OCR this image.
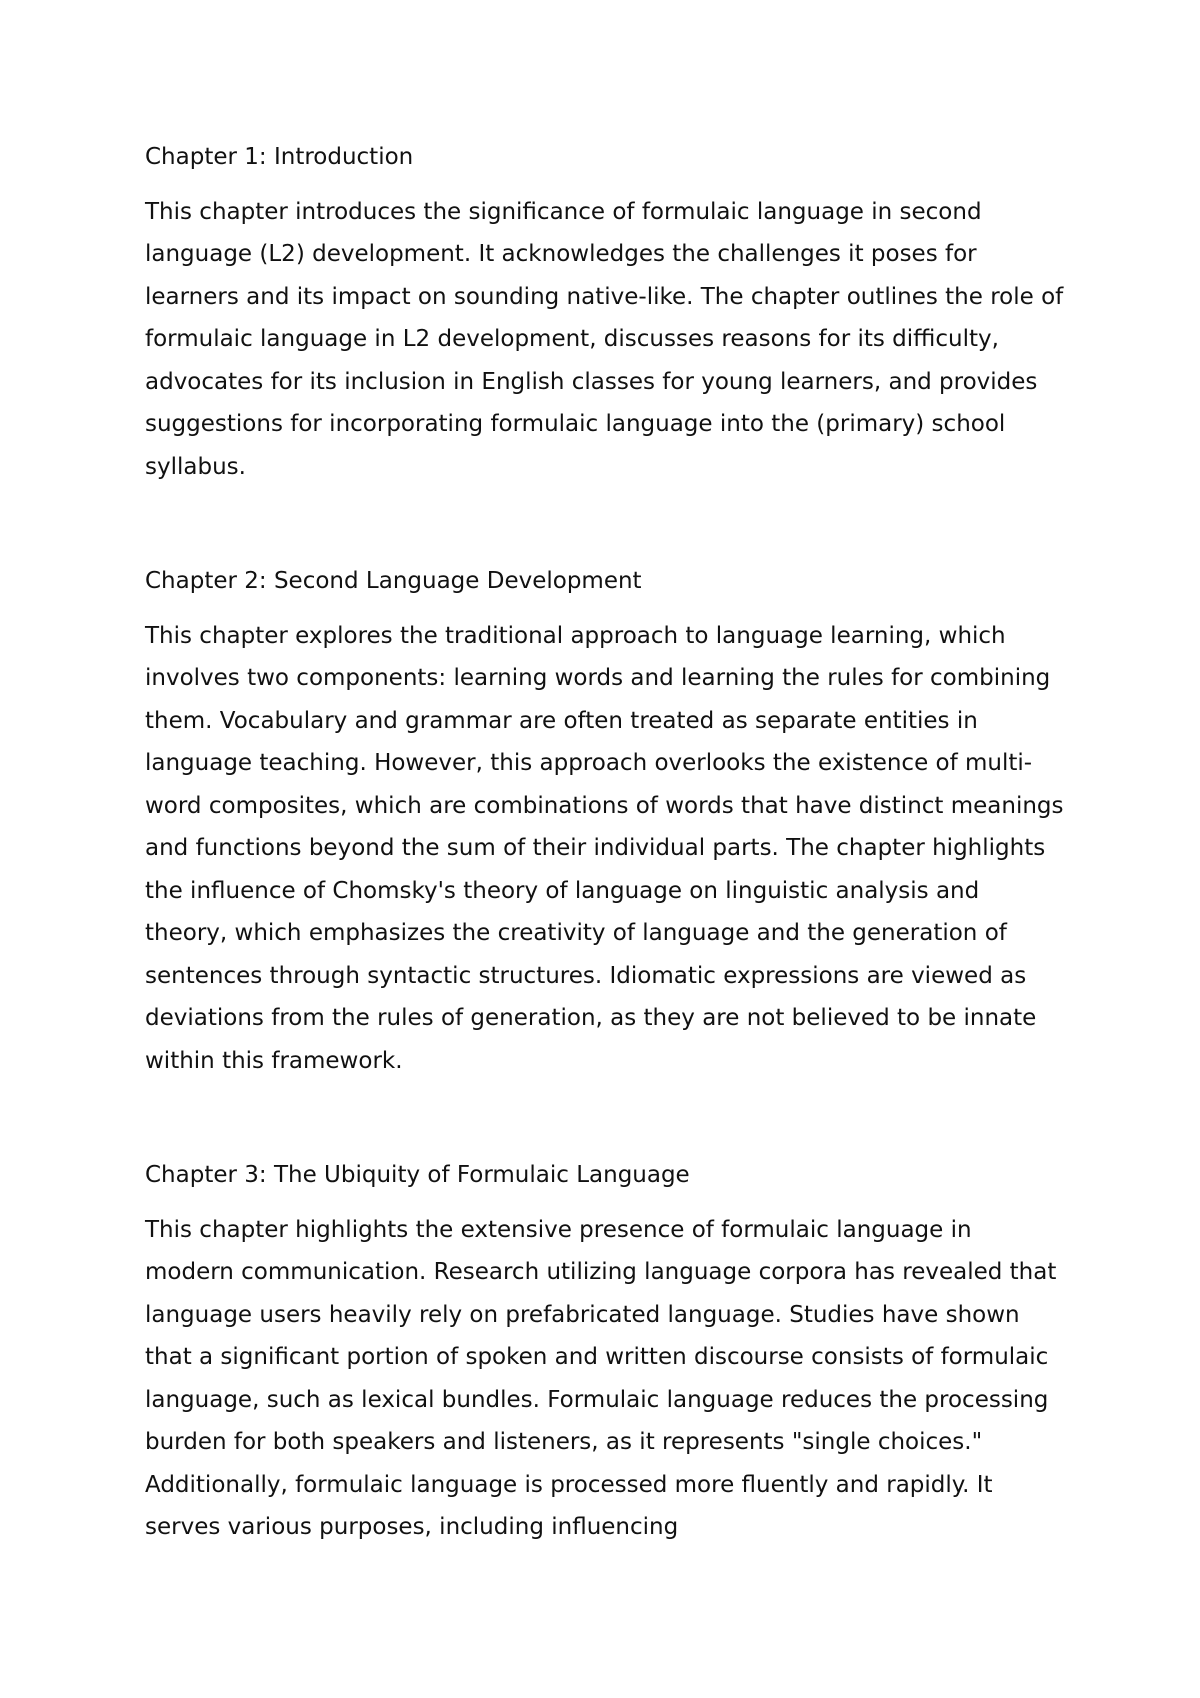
Chapter 1: Introduction

This chapter introduces the significance of formulaic language in second language (L2) development. It acknowledges the challenges it poses for learners and its impact on sounding native-like. The chapter outlines the role of formulaic language in L2 development, discusses reasons for its difficulty, advocates for its inclusion in English classes for young learners, and provides suggestions for incorporating formulaic language into the (primary) school syllabus.

Chapter 2: Second Language Development

This chapter explores the traditional approach to language learning, which involves two components: learning words and learning the rules for combining them. Vocabulary and grammar are often treated as separate entities in language teaching. However, this approach overlooks the existence of multi-word composites, which are combinations of words that have distinct meanings and functions beyond the sum of their individual parts. The chapter highlights the influence of Chomsky's theory of language on linguistic analysis and theory, which emphasizes the creativity of language and the generation of sentences through syntactic structures. Idiomatic expressions are viewed as deviations from the rules of generation, as they are not believed to be innate within this framework.

Chapter 3: The Ubiquity of Formulaic Language

This chapter highlights the extensive presence of formulaic language in modern communication. Research utilizing language corpora has revealed that language users heavily rely on prefabricated language. Studies have shown that a significant portion of spoken and written discourse consists of formulaic language, such as lexical bundles. Formulaic language reduces the processing burden for both speakers and listeners, as it represents "single choices." Additionally, formulaic language is processed more fluently and rapidly. It serves various purposes, including influencing
